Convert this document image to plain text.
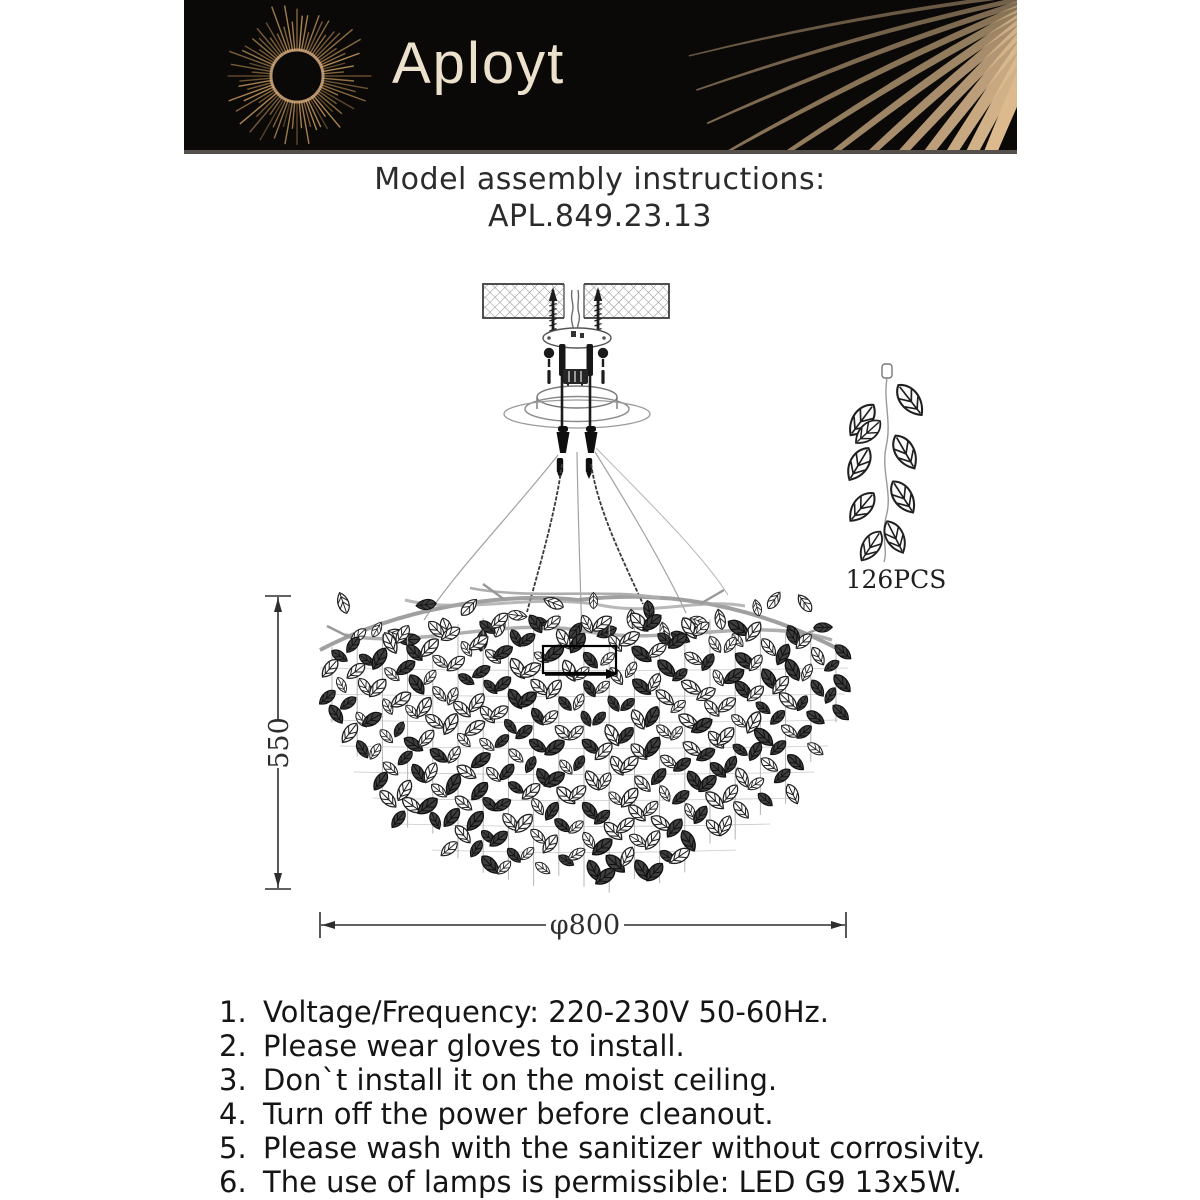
Aployt
Model assembly instructions:
APL.849.23.13
126PCS
550
φ800
1. Voltage/Frequency: 220-230V 50-60Hz.
2. Please wear gloves to install.
3. Don`t install it on the moist ceiling.
4. Turn off the power before cleanout.
5. Please wash with the sanitizer without corrosivity.
6. The use of lamps is permissible: LED G9 13x5W.
